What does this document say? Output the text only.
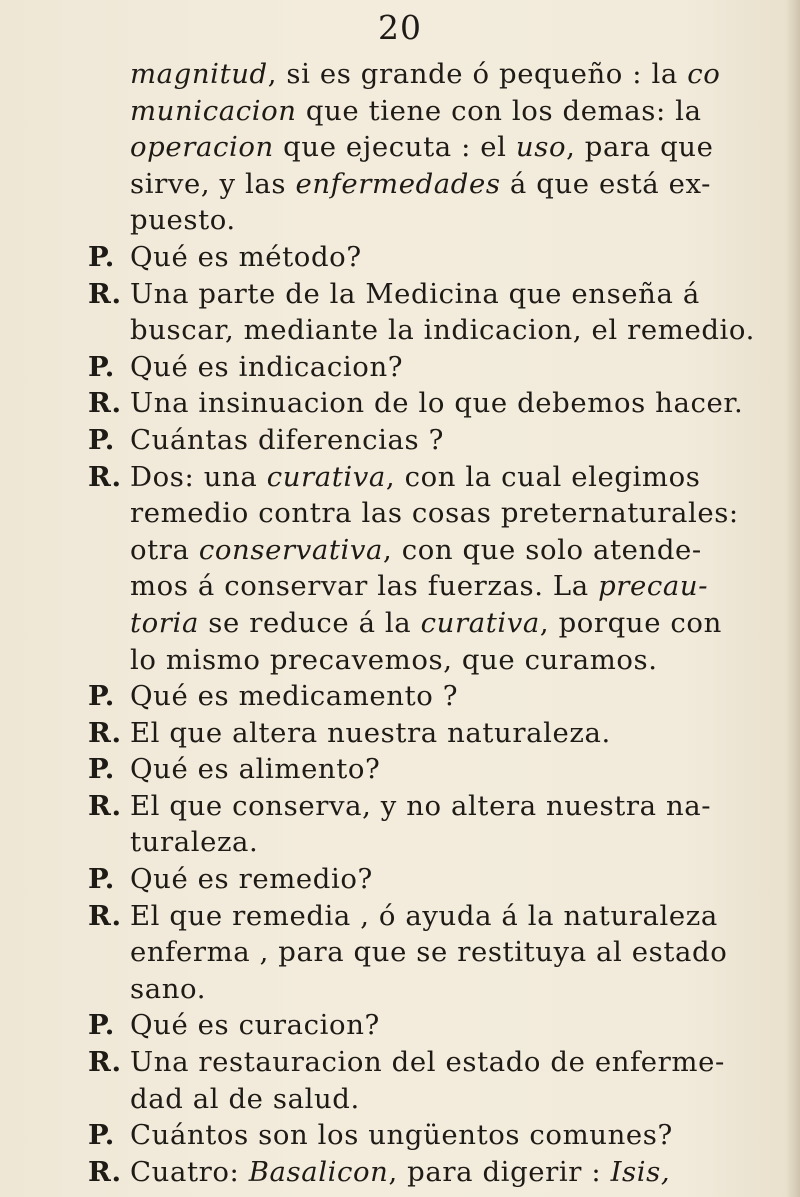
20
magnitud, si es grande ó pequeño : la co
municacion que tiene con los demas: la
operacion que ejecuta : el uso, para que
sirve, y las enfermedades á que está ex-
puesto.
P. Qué es método?
R. Una parte de la Medicina que enseña á
buscar, mediante la indicacion, el remedio.
P. Qué es indicacion?
R. Una insinuacion de lo que debemos hacer.
P. Cuántas diferencias ?
R. Dos: una curativa, con la cual elegimos
remedio contra las cosas preternaturales:
otra conservativa, con que solo atende-
mos á conservar las fuerzas. La precau-
toria se reduce á la curativa, porque con
lo mismo precavemos, que curamos.
P. Qué es medicamento ?
R. El que altera nuestra naturaleza.
P. Qué es alimento?
R. El que conserva, y no altera nuestra na-
turaleza.
P. Qué es remedio?
R. El que remedia , ó ayuda á la naturaleza
enferma , para que se restituya al estado
sano.
P. Qué es curacion?
R. Una restauracion del estado de enferme-
dad al de salud.
P. Cuántos son los ungüentos comunes?
R. Cuatro: Basalicon, para digerir : Isis,
